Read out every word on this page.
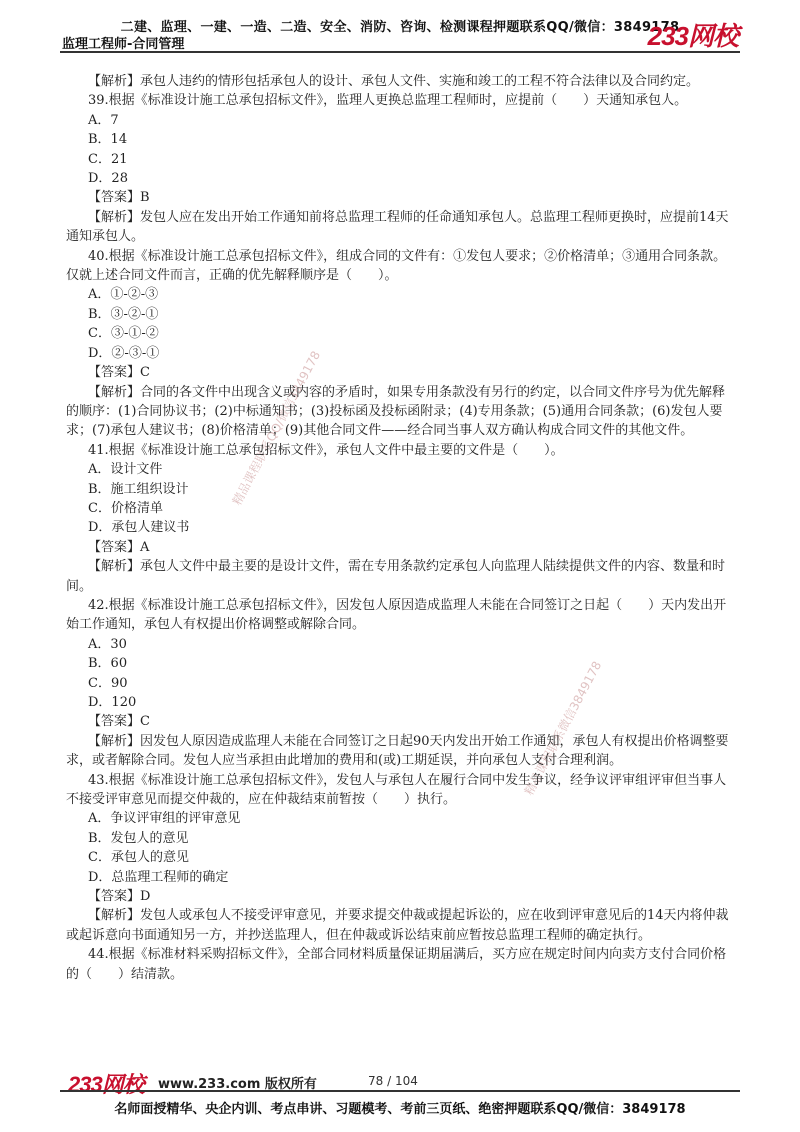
二建、监理、一建、一造、二造、安全、消防、咨询、检测课程押题联系QQ/微信：3849178
监理工程师-合同管理	233网校
精品课程联系QQ/微信3849178
精品课程联系微信3849178

【解析】承包人违约的情形包括承包人的设计、承包人文件、实施和竣工的工程不符合法律以及合同约定。

39.根据《标准设计施工总承包招标文件》，监理人更换总监理工程师时，应提前（　　）天通知承包人。

A．7

B．14

C．21

D．28

【答案】B

【解析】发包人应在发出开始工作通知前将总监理工程师的任命通知承包人。总监理工程师更换时，应提前14天通知承包人。

40.根据《标准设计施工总承包招标文件》，组成合同的文件有：①发包人要求；②价格清单；③通用合同条款。仅就上述合同文件而言，正确的优先解释顺序是（　　）。

A．①-②-③

B．③-②-①

C．③-①-②

D．②-③-①

【答案】C

【解析】合同的各文件中出现含义或内容的矛盾时，如果专用条款没有另行的约定，以合同文件序号为优先解释的顺序：(1)合同协议书；(2)中标通知书；(3)投标函及投标函附录；(4)专用条款；(5)通用合同条款；(6)发包人要求；(7)承包人建议书；(8)价格清单；(9)其他合同文件——经合同当事人双方确认构成合同文件的其他文件。

41.根据《标准设计施工总承包招标文件》，承包人文件中最主要的文件是（　　）。

A．设计文件

B．施工组织设计

C．价格清单

D．承包人建议书

【答案】A

【解析】承包人文件中最主要的是设计文件，需在专用条款约定承包人向监理人陆续提供文件的内容、数量和时间。

42.根据《标准设计施工总承包招标文件》，因发包人原因造成监理人未能在合同签订之日起（　　）天内发出开始工作通知，承包人有权提出价格调整或解除合同。

A．30

B．60

C．90

D．120

【答案】C

【解析】因发包人原因造成监理人未能在合同签订之日起90天内发出开始工作通知，承包人有权提出价格调整要求，或者解除合同。发包人应当承担由此增加的费用和(或)工期延误，并向承包人支付合理利润。

43.根据《标准设计施工总承包招标文件》，发包人与承包人在履行合同中发生争议，经争议评审组评审但当事人不接受评审意见而提交仲裁的，应在仲裁结束前暂按（　　）执行。

A．争议评审组的评审意见

B．发包人的意见

C．承包人的意见

D．总监理工程师的确定

【答案】D

【解析】发包人或承包人不接受评审意见，并要求提交仲裁或提起诉讼的，应在收到评审意见后的14天内将仲裁或起诉意向书面通知另一方，并抄送监理人，但在仲裁或诉讼结束前应暂按总监理工程师的确定执行。

44.根据《标准材料采购招标文件》，全部合同材料质量保证期届满后，买方应在规定时间内向卖方支付合同价格的（　　）结清款。

233网校 www.233.com 版权所有	78 / 104
名师面授精华、央企内训、考点串讲、习题模考、考前三页纸、绝密押题联系QQ/微信：3849178
